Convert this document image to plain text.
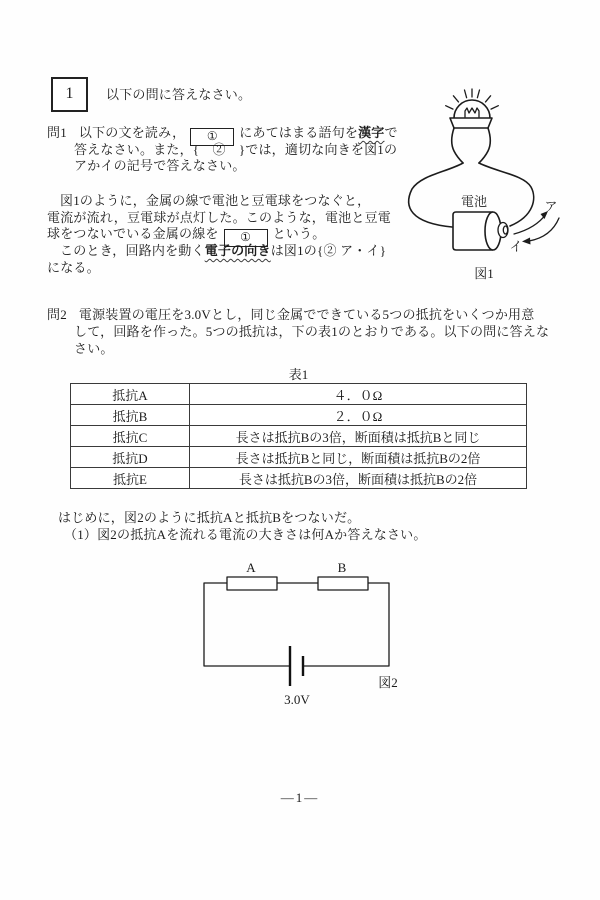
1	以下の問に答えなさい。
問1 以下の文を読み， ① にあてはまる語句を漢字で
答えなさい。また，{　②　}では，適切な向きを図1の
アかイの記号で答えなさい。
図1のように，金属の線で電池と豆電球をつなぐと，
電流が流れ，豆電球が点灯した。このような，電池と豆電
球をつないでいる金属の線を ① という。
このとき，回路内を動く電子の向きは図1の{② ア・イ}
になる。
電池	ア
イ
図1
問2 電源装置の電圧を3.0Vとし，同じ金属でできている5つの抵抗をいくつか用意
して，回路を作った。5つの抵抗は，下の表1のとおりである。以下の問に答えな
さい。
表1
抵抗A	４．０Ω
抵抗B	２．０Ω
抵抗C	長さは抵抗Bの3倍，断面積は抵抗Bと同じ
抵抗D	長さは抵抗Bと同じ，断面積は抵抗Bの2倍
抵抗E	長さは抵抗Bの3倍，断面積は抵抗Bの2倍
はじめに，図2のように抵抗Aと抵抗Bをつないだ。
（1）図2の抵抗Aを流れる電流の大きさは何Aか答えなさい。
A	B
3.0V
図2
—1—
